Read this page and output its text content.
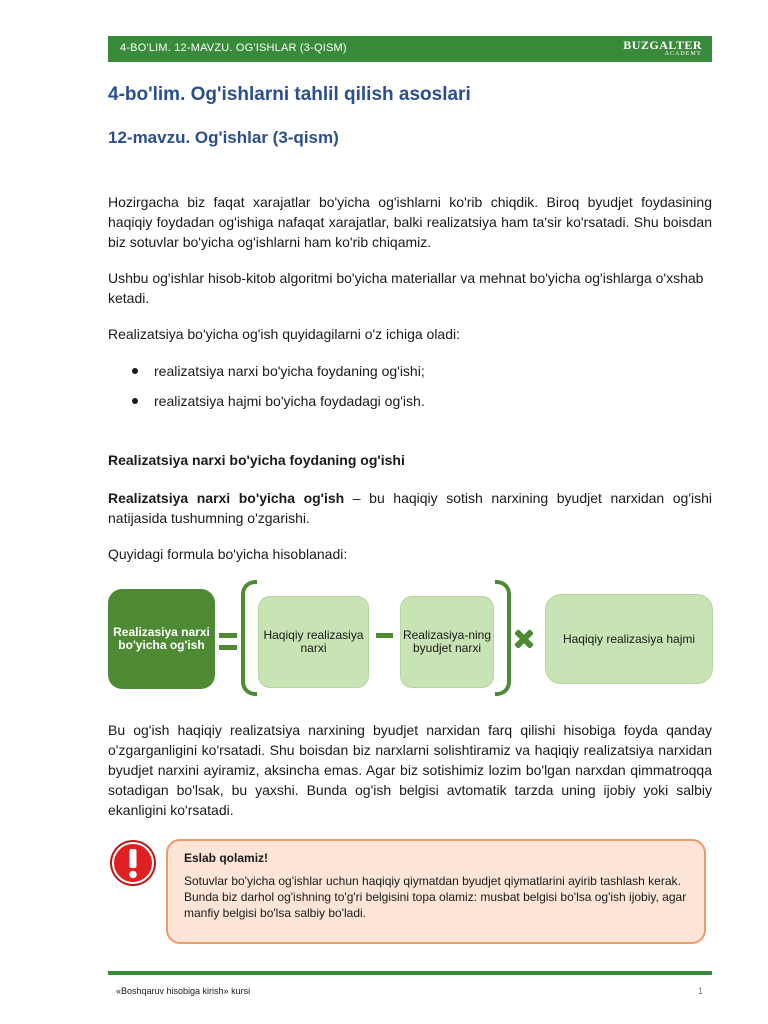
4-BO'LIM. 12-MAVZU. OG'ISHLAR (3-QISM)	BUZGALTER
ACADEMY
4-bo'lim. Og'ishlarni tahlil qilish asoslari
12-mavzu. Og'ishlar (3-qism)

Hozirgacha biz faqat xarajatlar bo'yicha og'ishlarni ko'rib chiqdik. Biroq byudjet foydasining haqiqiy foydadan og'ishiga nafaqat xarajatlar, balki realizatsiya ham ta'sir ko'rsatadi. Shu boisdan biz sotuvlar bo'yicha og'ishlarni ham ko'rib chiqamiz.

Ushbu og'ishlar hisob-kitob algoritmi bo'yicha materiallar va mehnat bo'yicha og'ishlarga o'xshab ketadi.

Realizatsiya bo'yicha og'ish quyidagilarni o'z ichiga oladi:

realizatsiya narxi bo'yicha foydaning og'ishi;
realizatsiya hajmi bo'yicha foydadagi og'ish.
Realizatsiya narxi bo'yicha foydaning og'ishi

Realizatsiya narxi bo'yicha og'ish – bu haqiqiy sotish narxining byudjet narxidan og'ishi natijasida tushumning o'zgarishi.

Quyidagi formula bo'yicha hisoblanadi:

Realizasiya narxi bo'yicha og'ish
Haqiqiy realizasiya narxi
Realizasiya-ning byudjet narxi
Haqiqiy realizasiya hajmi

Bu og'ish haqiqiy realizatsiya narxining byudjet narxidan farq qilishi hisobiga foyda qanday o'zgarganligini ko'rsatadi. Shu boisdan biz narxlarni solishtiramiz va haqiqiy realizatsiya narxidan byudjet narxini ayiramiz, aksincha emas. Agar biz sotishimiz lozim bo'lgan narxdan qimmatroqqa sotadigan bo'lsak, bu yaxshi. Bunda og'ish belgisi avtomatik tarzda uning ijobiy yoki salbiy ekanligini ko'rsatadi.

Eslab qolamiz!
Sotuvlar bo'yicha og'ishlar uchun haqiqiy qiymatdan byudjet qiymatlarini ayirib tashlash kerak. Bunda biz darhol og'ishning to'g'ri belgisini topa olamiz: musbat belgisi bo'lsa og'ish ijobiy, agar manfiy belgisi bo'lsa salbiy bo'ladi.
«Boshqaruv hisobiga kirish» kursi	1
